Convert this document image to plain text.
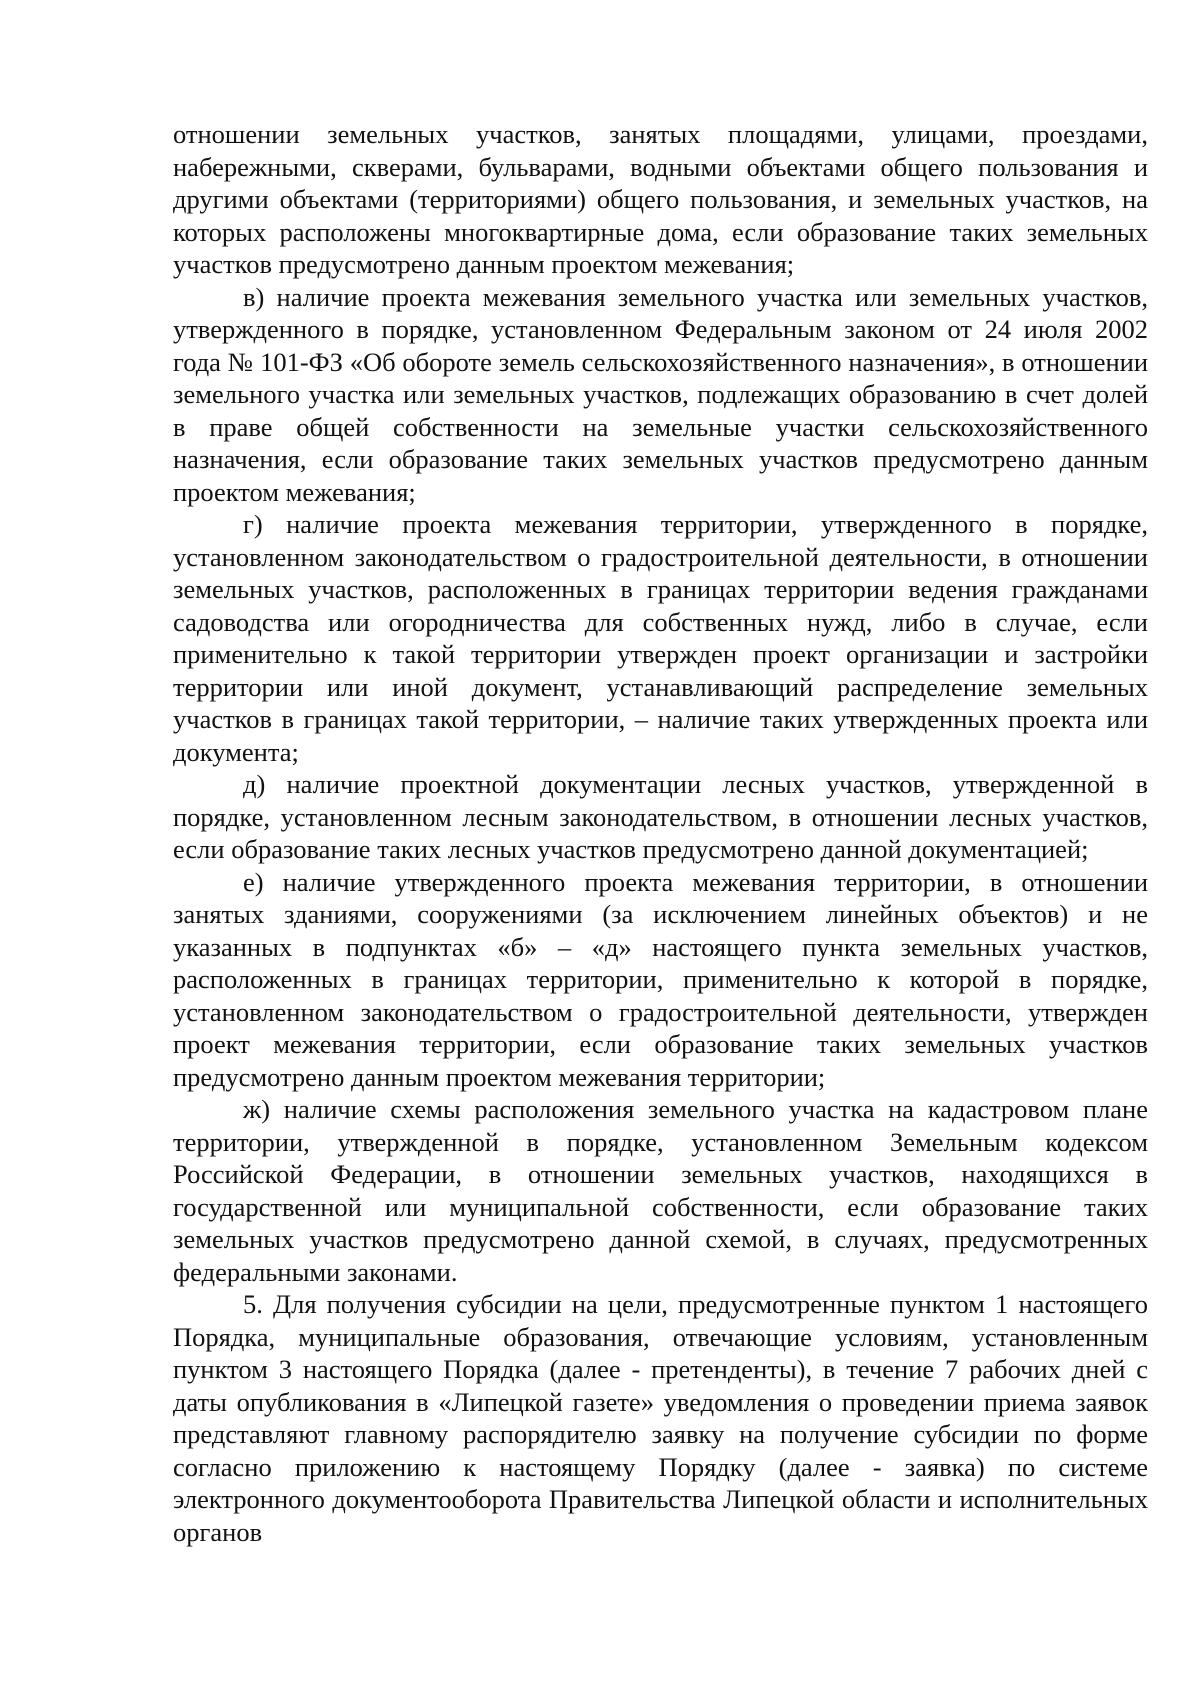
отношении земельных участков, занятых площадями, улицами, проездами, набережными, скверами, бульварами, водными объектами общего пользования и другими объектами (территориями) общего пользования, и земельных участков, на которых расположены многоквартирные дома, если образование таких земельных участков предусмотрено данным проектом межевания;

в) наличие проекта межевания земельного участка или земельных участков, утвержденного в порядке, установленном Федеральным законом от 24 июля 2002 года № 101-ФЗ «Об обороте земель сельскохозяйственного назначения», в отношении земельного участка или земельных участков, подлежащих образованию в счет долей в праве общей собственности на земельные участки сельскохозяйственного назначения, если образование таких земельных участков предусмотрено данным проектом межевания;

г) наличие проекта межевания территории, утвержденного в порядке, установленном законодательством о градостроительной деятельности, в отношении земельных участков, расположенных в границах территории ведения гражданами садоводства или огородничества для собственных нужд, либо в случае, если применительно к такой территории утвержден проект организации и застройки территории или иной документ, устанавливающий распределение земельных участков в границах такой территории, – наличие таких утвержденных проекта или документа;

д) наличие проектной документации лесных участков, утвержденной в порядке, установленном лесным законодательством, в отношении лесных участков, если образование таких лесных участков предусмотрено данной документацией;

е) наличие утвержденного проекта межевания территории, в отношении занятых зданиями, сооружениями (за исключением линейных объектов) и не указанных в подпунктах «б» – «д» настоящего пункта земельных участков, расположенных в границах территории, применительно к которой в порядке, установленном законодательством о градостроительной деятельности, утвержден проект межевания территории, если образование таких земельных участков предусмотрено данным проектом межевания территории;

ж) наличие схемы расположения земельного участка на кадастровом плане территории, утвержденной в порядке, установленном Земельным кодексом Российской Федерации, в отношении земельных участков, находящихся в государственной или муниципальной собственности, если образование таких земельных участков предусмотрено данной схемой, в случаях, предусмотренных федеральными законами.

5. Для получения субсидии на цели, предусмотренные пунктом 1 настоящего Порядка, муниципальные образования, отвечающие условиям, установленным пунктом 3 настоящего Порядка (далее - претенденты), в течение 7 рабочих дней с даты опубликования в «Липецкой газете» уведомления о проведении приема заявок представляют главному распорядителю заявку на получение субсидии по форме согласно приложению к настоящему Порядку (далее - заявка) по системе электронного документооборота Правительства Липецкой области и исполнительных органов
